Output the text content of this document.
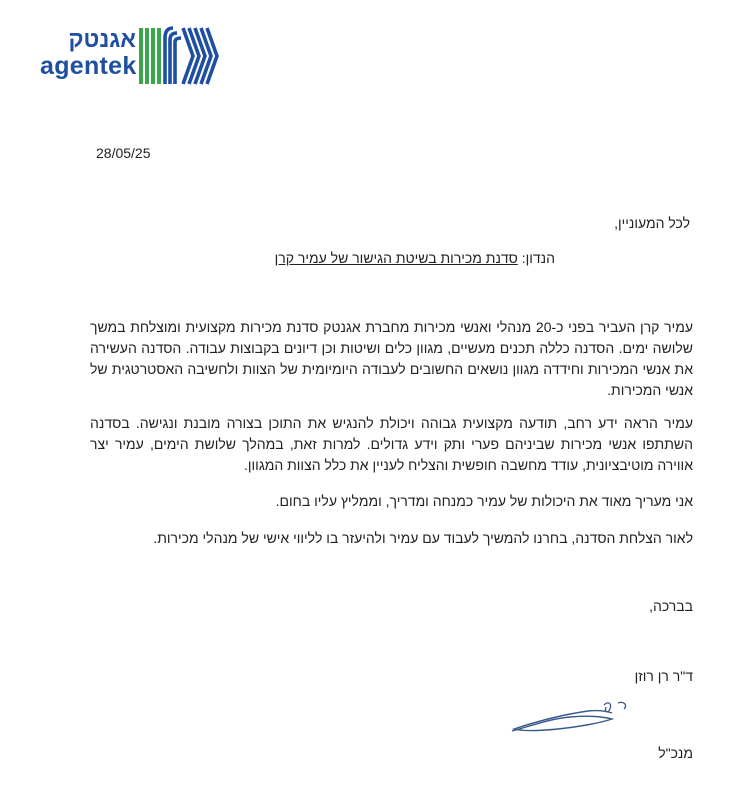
אגנטק
agentek
28/05/25
לכל המעוניין,
הנדון: סדנת מכירות בשיטת הגישור של עמיר קרן
עמיר קרן העביר בפני כ-20 מנהלי ואנשי מכירות מחברת אגנטק סדנת מכירות מקצועית ומוצלחת במשך שלושה ימים. הסדנה כללה תכנים מעשיים, מגוון כלים ושיטות וכן דיונים בקבוצות עבודה. הסדנה העשירה את אנשי המכירות וחידדה מגוון נושאים החשובים לעבודה היומיומית של הצוות ולחשיבה האסטרטגית של אנשי המכירות.
עמיר הראה ידע רחב, תודעה מקצועית גבוהה ויכולת להנגיש את התוכן בצורה מובנת ונגישה. בסדנה השתתפו אנשי מכירות שביניהם פערי ותק וידע גדולים. למרות זאת, במהלך שלושת הימים, עמיר יצר אווירה מוטיבציונית, עודד מחשבה חופשית והצליח לעניין את כלל הצוות המגוון.
אני מעריך מאוד את היכולות של עמיר כמנחה ומדריך, וממליץ עליו בחום.
לאור הצלחת הסדנה, בחרנו להמשיך לעבוד עם עמיר ולהיעזר בו לליווי אישי של מנהלי מכירות.
בברכה,
ד"ר רן רוזן
מנכ"ל
